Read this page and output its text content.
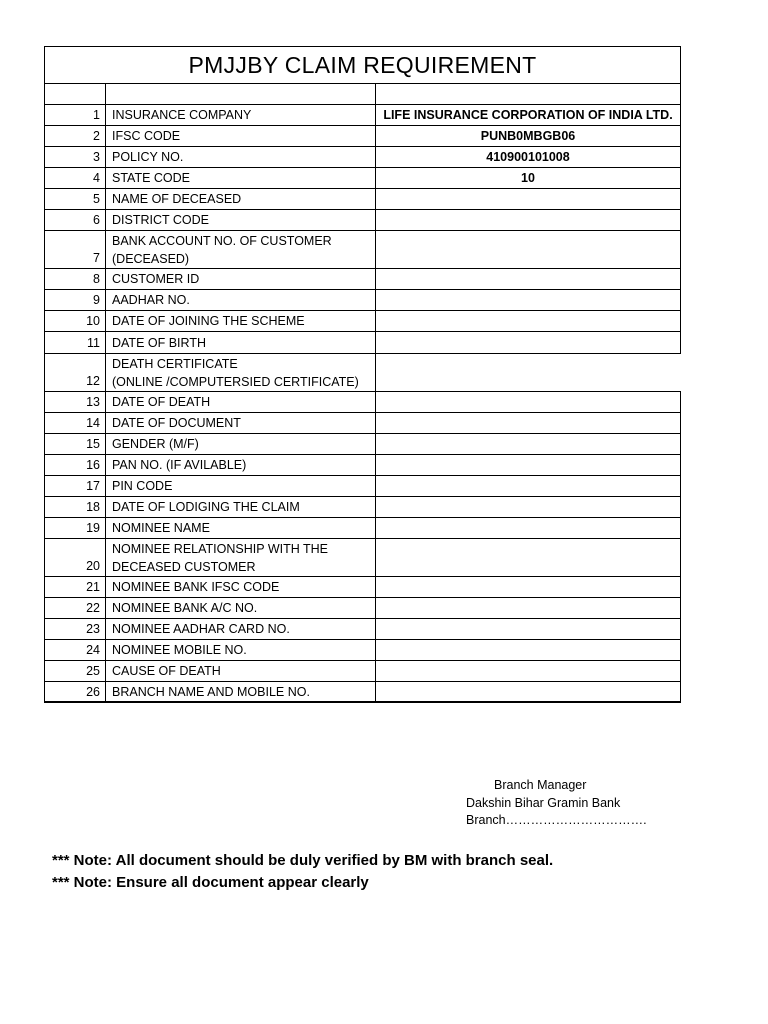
PMJJBY CLAIM REQUIREMENT
1 INSURANCE COMPANY	LIFE INSURANCE CORPORATION OF INDIA LTD.
2 IFSC CODE	PUNB0MBGB06
3 POLICY NO.	410900101008
4 STATE CODE	10
5 NAME OF DECEASED
6 DISTRICT CODE
7
BANK ACCOUNT NO. OF CUSTOMER
(DECEASED)
8 CUSTOMER ID
9 AADHAR NO.
10 DATE OF JOINING THE SCHEME
11 DATE OF BIRTH
12
DEATH CERTIFICATE
(ONLINE /COMPUTERSIED CERTIFICATE)
13 DATE OF DEATH
14 DATE OF DOCUMENT
15 GENDER (M/F)
16 PAN NO. (IF AVILABLE)
17 PIN CODE
18 DATE OF LODIGING THE CLAIM
19 NOMINEE NAME
20
NOMINEE RELATIONSHIP WITH THE
DECEASED CUSTOMER
21 NOMINEE BANK IFSC CODE
22 NOMINEE BANK A/C NO.
23 NOMINEE AADHAR CARD NO.
24 NOMINEE MOBILE NO.
25 CAUSE OF DEATH
26 BRANCH NAME AND MOBILE NO.
Branch Manager
Dakshin Bihar Gramin Bank
Branch…………………………….
*** Note: All document should be duly verified by BM with branch seal.
*** Note: Ensure all document appear clearly
